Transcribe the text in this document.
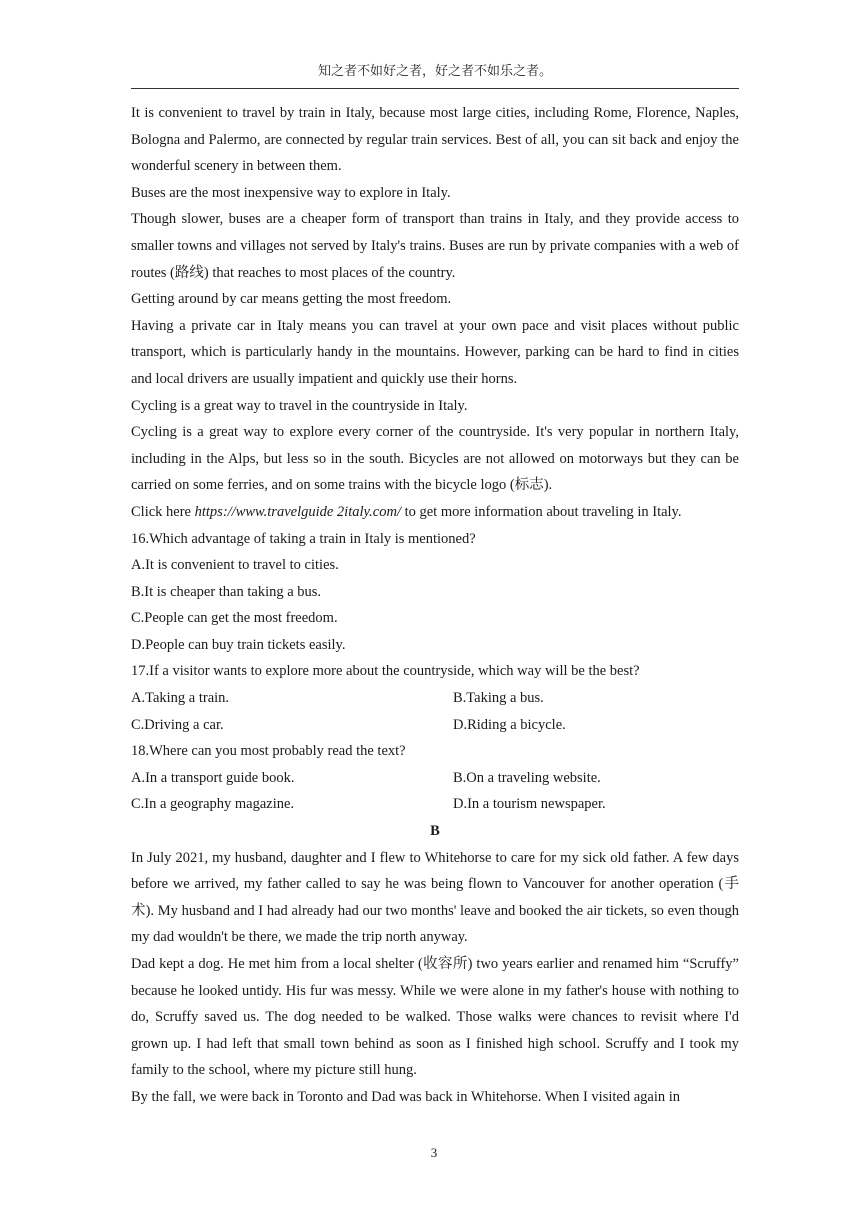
知之者不如好之者，好之者不如乐之者。

It is convenient to travel by train in Italy, because most large cities, including Rome, Florence, Naples, Bologna and Palermo, are connected by regular train services. Best of all, you can sit back and enjoy the wonderful scenery in between them.

Buses are the most inexpensive way to explore in Italy.

Though slower, buses are a cheaper form of transport than trains in Italy, and they provide access to smaller towns and villages not served by Italy's trains. Buses are run by private companies with a web of routes (路线) that reaches to most places of the country.

Getting around by car means getting the most freedom.

Having a private car in Italy means you can travel at your own pace and visit places without public transport, which is particularly handy in the mountains. However, parking can be hard to find in cities and local drivers are usually impatient and quickly use their horns.

Cycling is a great way to travel in the countryside in Italy.

Cycling is a great way to explore every corner of the countryside. It's very popular in northern Italy, including in the Alps, but less so in the south. Bicycles are not allowed on motorways but they can be carried on some ferries, and on some trains with the bicycle logo (标志).

Click here https://www.travelguide 2italy.com/ to get more information about traveling in Italy.

16.Which advantage of taking a train in Italy is mentioned?

A.It is convenient to travel to cities.

B.It is cheaper than taking a bus.

C.People can get the most freedom.

D.People can buy train tickets easily.

17.If a visitor wants to explore more about the countryside, which way will be the best?

A.Taking a train.	B.Taking a bus.
C.Driving a car.	D.Riding a bicycle.

18.Where can you most probably read the text?

A.In a transport guide book.	B.On a traveling website.
C.In a geography magazine.	D.In a tourism newspaper.

B

In July 2021, my husband, daughter and I flew to Whitehorse to care for my sick old father. A few days before we arrived, my father called to say he was being flown to Vancouver for another operation (手术). My husband and I had already had our two months' leave and booked the air tickets, so even though my dad wouldn't be there, we made the trip north anyway.

Dad kept a dog. He met him from a local shelter (收容所) two years earlier and renamed him “Scruffy” because he looked untidy. His fur was messy. While we were alone in my father's house with nothing to do, Scruffy saved us. The dog needed to be walked. Those walks were chances to revisit where I'd grown up. I had left that small town behind as soon as I finished high school. Scruffy and I took my family to the school, where my picture still hung.

By the fall, we were back in Toronto and Dad was back in Whitehorse. When I visited again in

3
